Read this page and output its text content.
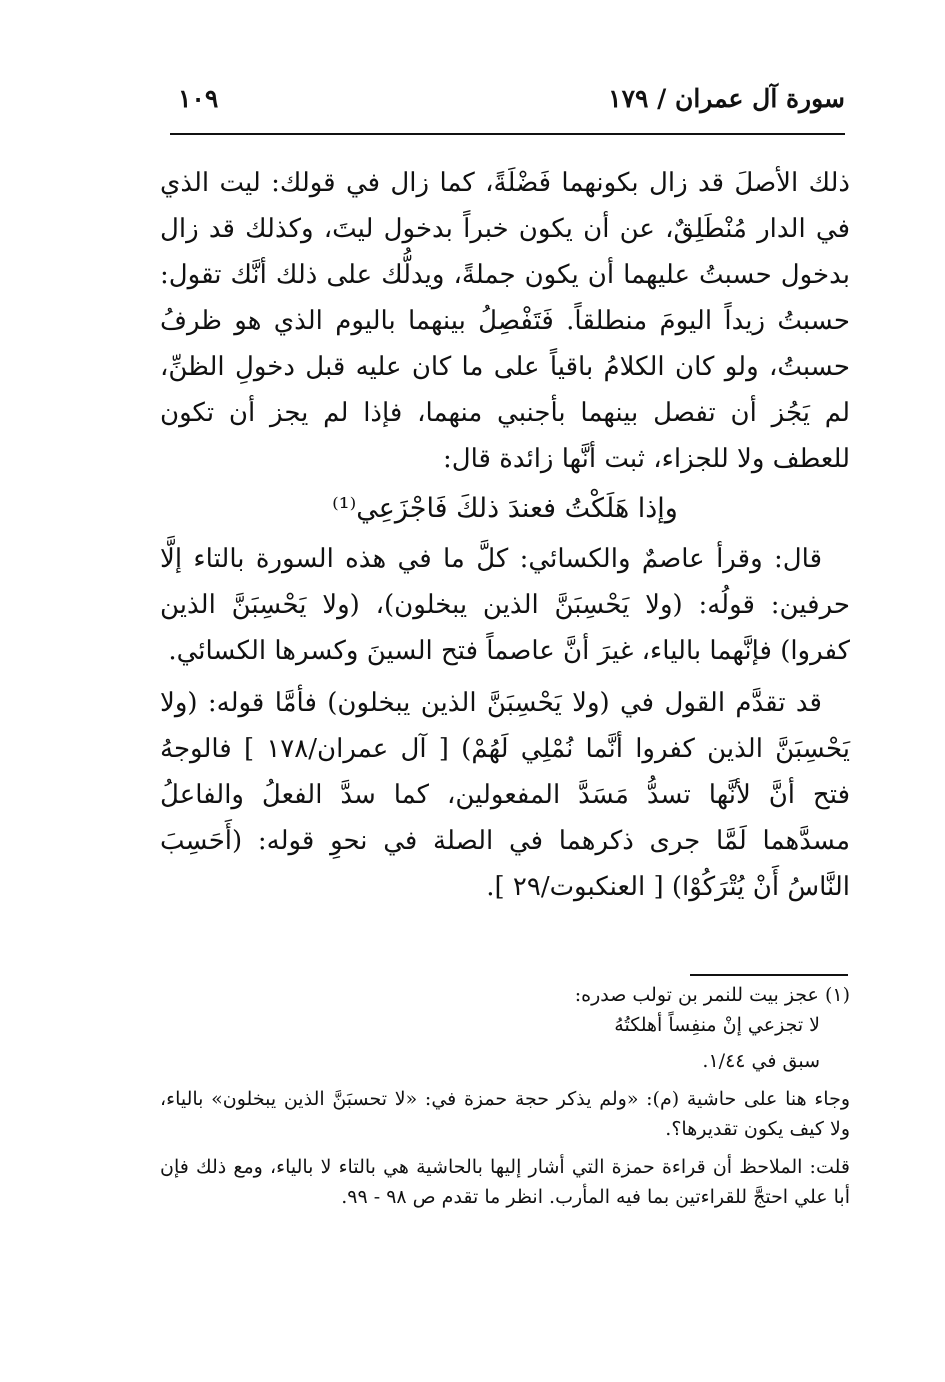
سورة آل عمران / ١٧٩
١٠٩

ذلك الأصلَ قد زال بكونهما فَضْلَةً، كما زال في قولك: ليت الذي في الدار مُنْطَلِقٌ، عن أن يكون خبراً بدخول ليتَ، وكذلك قد زال بدخول حسبتُ عليهما أن يكون جملةً، ويدلُّك على ذلك أنَّك تقول: حسبتُ زيداً اليومَ منطلقاً. فَتَفْصِلُ بينهما باليوم الذي هو ظرفُ حسبتُ، ولو كان الكلامُ باقياً على ما كان عليه قبل دخولِ الظنِّ، لم يَجُز أن تفصل بينهما بأجنبي منهما، فإذا لم يجز أن تكون للعطف ولا للجزاء، ثبت أنَّها زائدة قال:

وإذا هَلَكْتُ فعندَ ذلكَ فَاجْزَعِي⁽¹⁾

قال: وقرأ عاصمٌ والكسائي: كلَّ ما في هذه السورة بالتاء إلَّا حرفين: قولُه: (ولا يَحْسِبَنَّ الذين يبخلون)، (ولا يَحْسِبَنَّ الذين كفروا) فإنَّهما بالياء، غيرَ أنَّ عاصماً فتح السينَ وكسرها الكسائي.

قد تقدَّم القول في (ولا يَحْسِبَنَّ الذين يبخلون) فأمَّا قوله: (ولا يَحْسِبَنَّ الذين كفروا أنَّما نُمْلِي لَهُمْ) [ آل عمران/١٧٨ ] فالوجهُ فتح أنَّ لأنَّها تسدُّ مَسَدَّ المفعولين، كما سدَّ الفعلُ والفاعلُ مسدَّهما لَمَّا جرى ذكرهما في الصلة في نحوِ قوله: (أَحَسِبَ النَّاسُ أَنْ يُتْرَكُوْا) [ العنكبوت/٢٩ ].

(١) عجز بيت للنمر بن تولب صدره:

لا تجزعي إنْ منفِساً أهلكتُهُ

سبق في ١/٤٤.

وجاء هنا على حاشية (م): «ولم يذكر حجة حمزة في: «لا تحسبَنَّ الذين يبخلون» بالياء، ولا كيف يكون تقديرها؟.

قلت: الملاحظ أن قراءة حمزة التي أشار إليها بالحاشية هي بالتاء لا بالياء، ومع ذلك فإن أبا علي احتجَّ للقراءتين بما فيه المأرب. انظر ما تقدم ص ٩٨ - ٩٩.
